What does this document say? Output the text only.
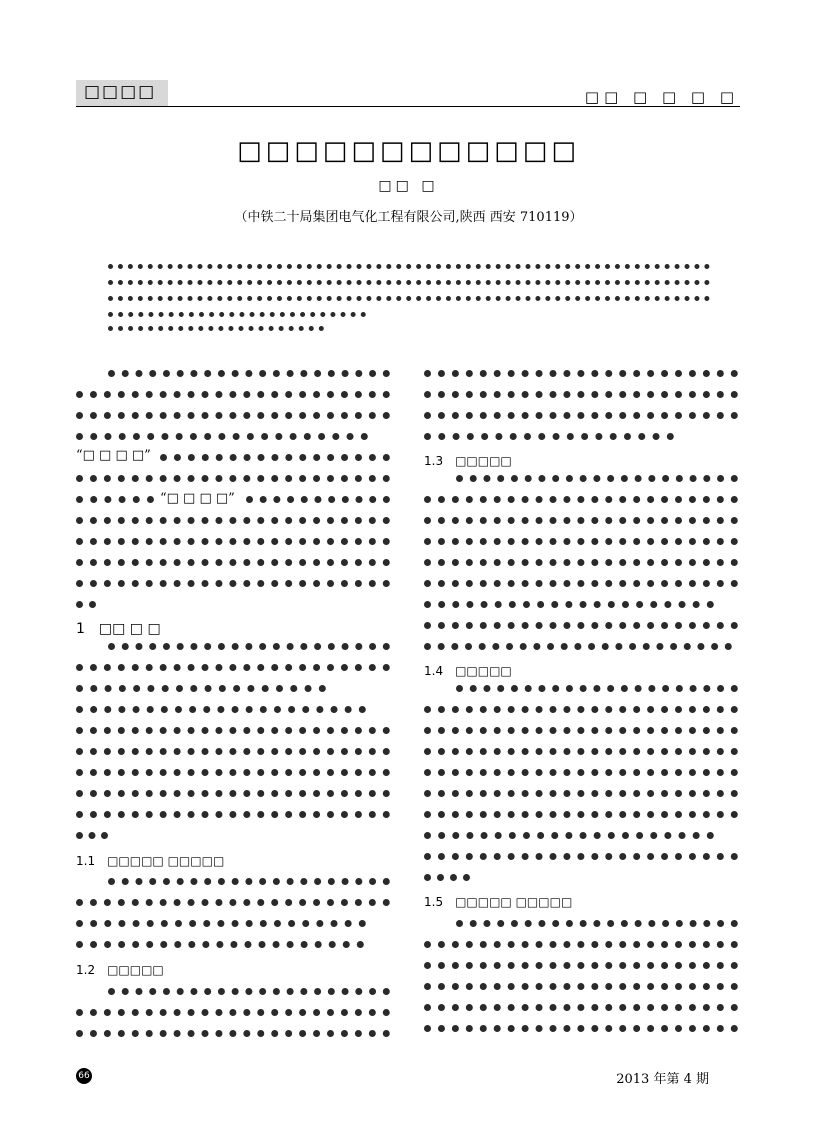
□□□□	□□ □ □ □ □
□□□□□□□□□□□□
□□ □
（中铁二十局集团电气化工程有限公司,陕西 西安 710119）
“□ □ □ □”
“□ □ □ □”
1　□□ □ □
1.1　□□□□□ □□□□□
1.2　□□□□□
1.3　□□□□□
1.4　□□□□□
1.5　□□□□□ □□□□□
66	2013 年第 4 期
